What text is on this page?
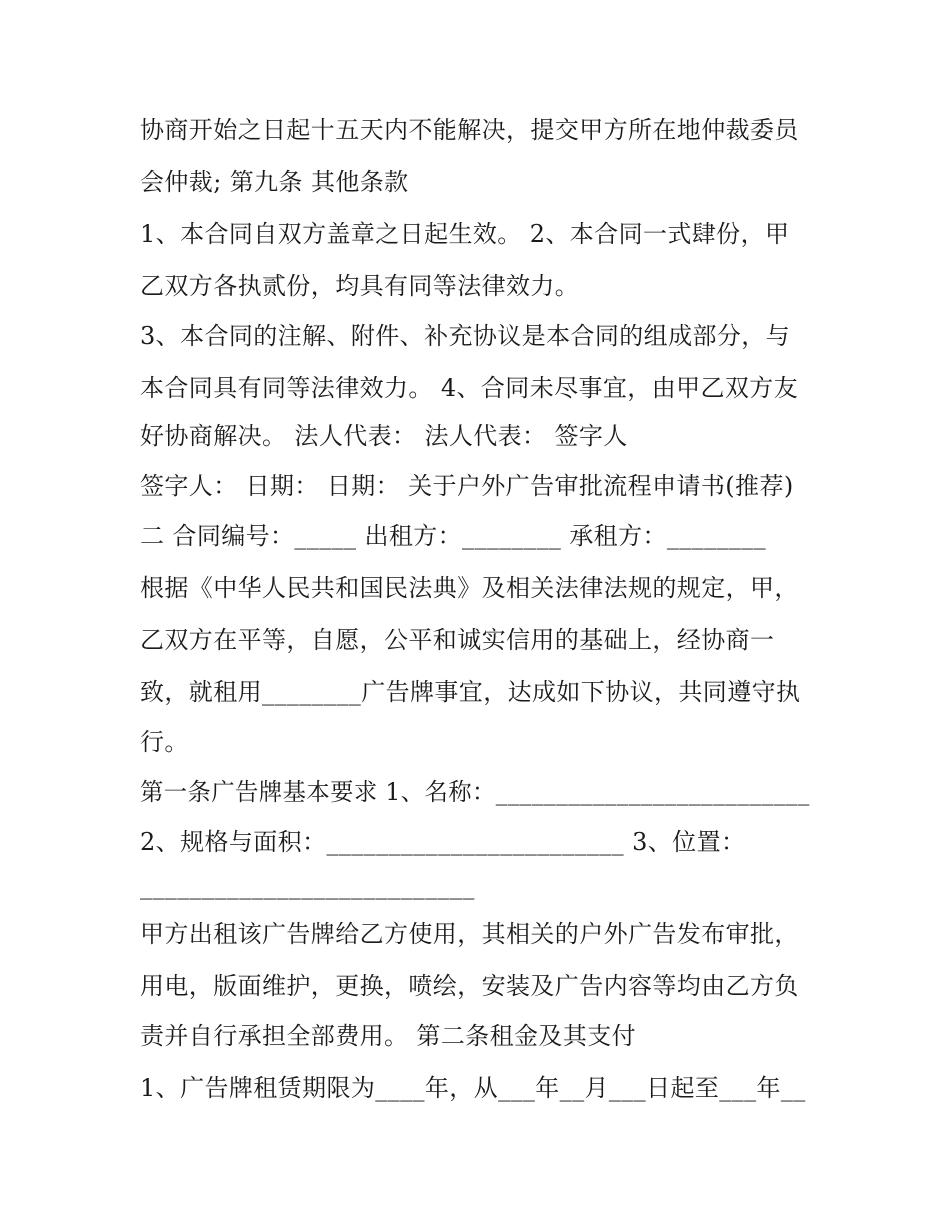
协商开始之日起十五天内不能解决，提交甲方所在地仲裁委员
会仲裁; 第九条 其他条款
1、本合同自双方盖章之日起生效。 2、本合同一式肆份，甲
乙双方各执贰份，均具有同等法律效力。
3、本合同的注解、附件、补充协议是本合同的组成部分，与
本合同具有同等法律效力。 4、合同未尽事宜，由甲乙双方友
好协商解决。 法人代表： 法人代表： 签字人
签字人： 日期： 日期： 关于户外广告审批流程申请书(推荐)
二 合同编号：_____ 出租方：________ 承租方：________
根据《中华人民共和国民法典》及相关法律法规的规定，甲，
乙双方在平等，自愿，公平和诚实信用的基础上，经协商一
致，就租用________广告牌事宜，达成如下协议，共同遵守执
行。
第一条广告牌基本要求 1、名称：__________________________
2、规格与面积：________________________ 3、位置：
___________________________
甲方出租该广告牌给乙方使用，其相关的户外广告发布审批，
用电，版面维护，更换，喷绘，安装及广告内容等均由乙方负
责并自行承担全部费用。 第二条租金及其支付
1、广告牌租赁期限为____年，从___年__月___日起至___年__
